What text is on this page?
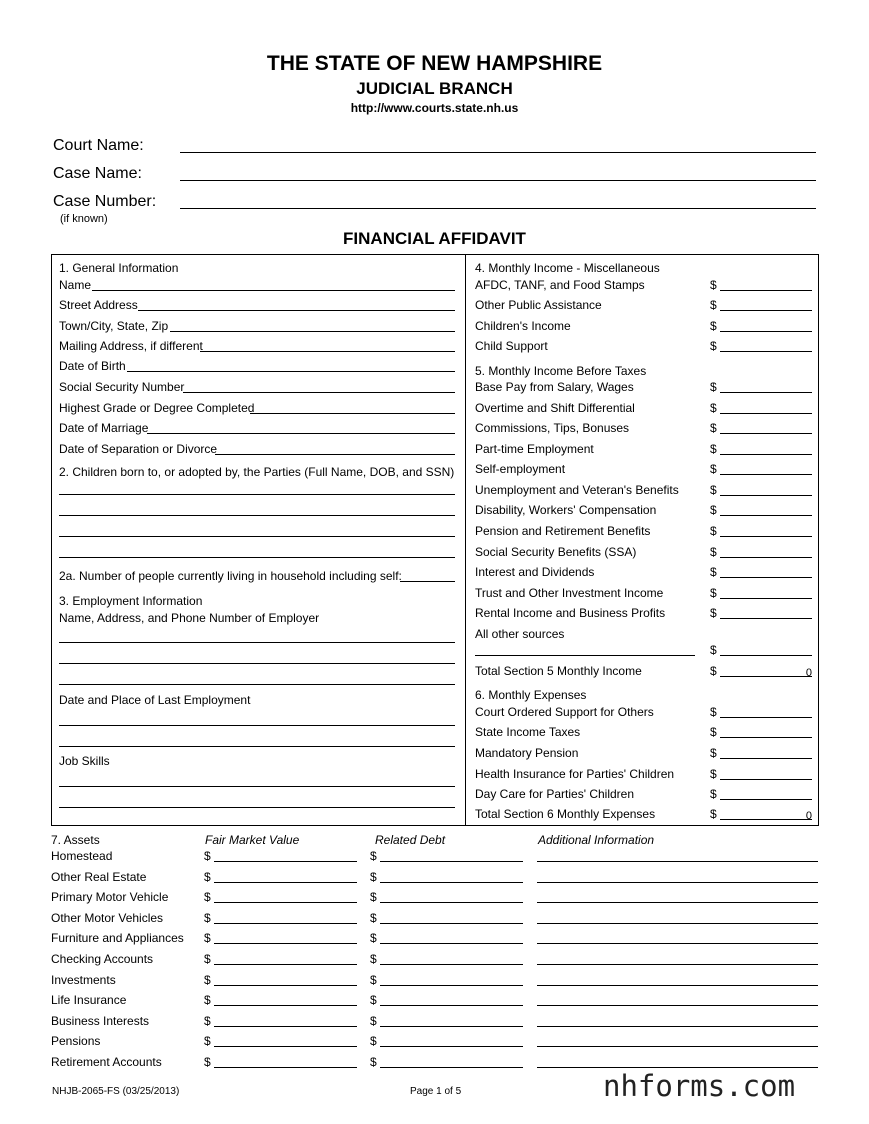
THE STATE OF NEW HAMPSHIRE
JUDICIAL BRANCH
http://www.courts.state.nh.us
Court Name:
Case Name:
Case Number:
(if known)
FINANCIAL AFFIDAVIT
1. General Information
Name
Street Address
Town/City, State, Zip
Mailing Address, if different
Date of Birth
Social Security Number
Highest Grade or Degree Completed
Date of Marriage
Date of Separation or Divorce
2. Children born to, or adopted by, the Parties (Full Name, DOB, and SSN)
2a. Number of people currently living in household including self:
3. Employment Information
Name, Address, and Phone Number of Employer
Date and Place of Last Employment
Job Skills
4. Monthly Income - Miscellaneous
AFDC, TANF, and Food Stamps	$
Other Public Assistance	$
Children's Income	$
Child Support	$
5. Monthly Income Before Taxes
Base Pay from Salary, Wages	$
Overtime and Shift Differential	$
Commissions, Tips, Bonuses	$
Part-time Employment	$
Self-employment	$
Unemployment and Veteran's Benefits	$
Disability, Workers' Compensation	$
Pension and Retirement Benefits	$
Social Security Benefits (SSA)	$
Interest and Dividends	$
Trust and Other Investment Income	$
Rental Income and Business Profits	$
All other sources
$
Total Section 5 Monthly Income	$	0
6. Monthly Expenses
Court Ordered Support for Others	$
State Income Taxes	$
Mandatory Pension	$
Health Insurance for Parties' Children	$
Day Care for Parties' Children	$
Total Section 6 Monthly Expenses	$	0
7. Assets	Fair Market Value	Related Debt	Additional Information
Homestead	$	$
Other Real Estate	$	$
Primary Motor Vehicle	$	$
Other Motor Vehicles	$	$
Furniture and Appliances $	$
Checking Accounts	$	$
Investments	$	$
Life Insurance	$	$
Business Interests	$	$
Pensions	$	$
Retirement Accounts	$	$
NHJB-2065-FS (03/25/2013)	Page 1 of 5	nhforms.com
